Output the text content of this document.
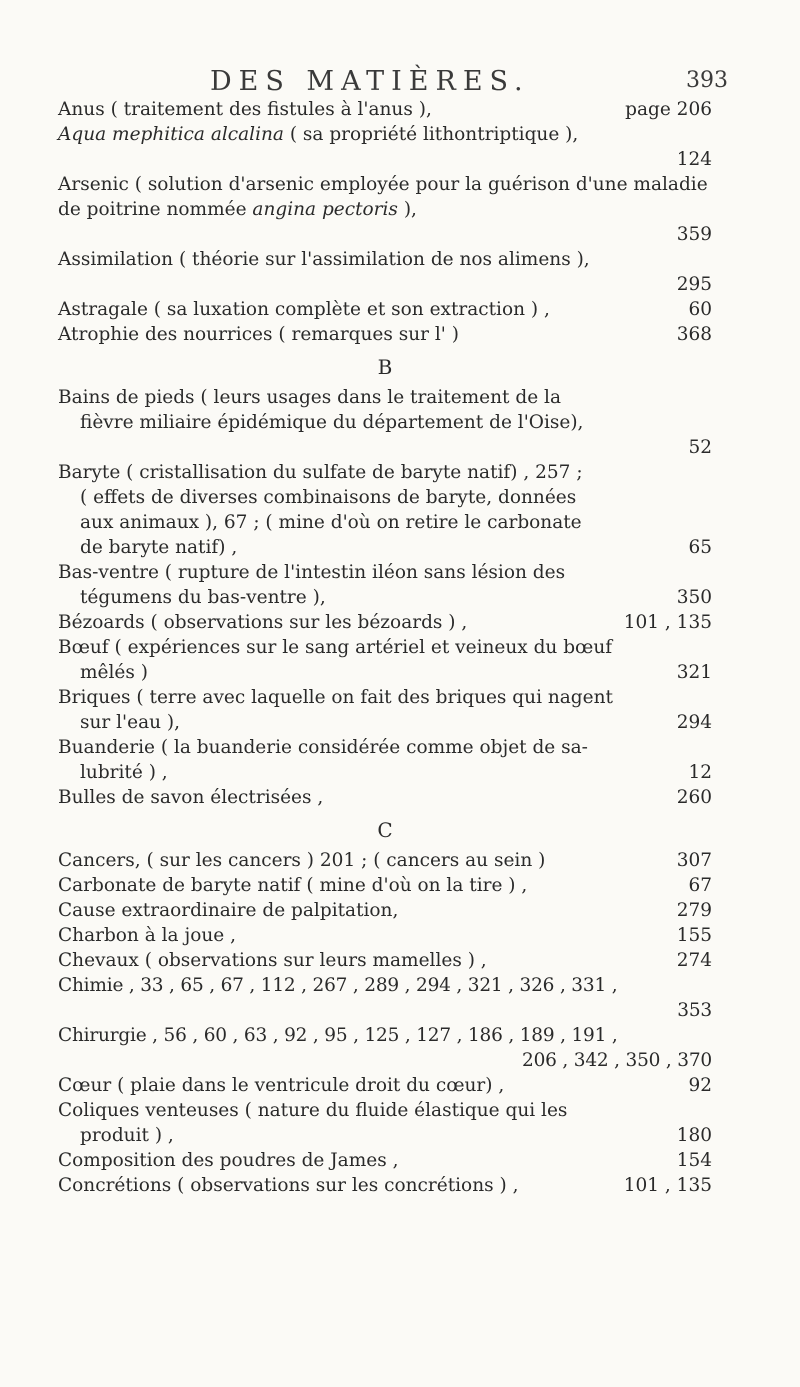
DES MATIÈRES.	393

page 206
Anus ( traitement des fistules à l'anus ),

Aqua mephitica alcalina ( sa propriété lithontriptique ),
124

Arsenic ( solution d'arsenic employée pour la guérison d'une maladie de poitrine nommée angina pectoris ),
359

Assimilation ( théorie sur l'assimilation de nos alimens ),
295

60
Astragale ( sa luxation complète et son extraction ) ,

368
Atrophie des nourrices ( remarques sur l' )

B

Bains de pieds ( leurs usages dans le traitement de la
fièvre miliaire épidémique du département de l'Oise),
52

Baryte ( cristallisation du sulfate de baryte natif) , 257 ;
( effets de diverses combinaisons de baryte, données
aux animaux ), 67 ; ( mine d'où on retire le carbonate
65
de baryte natif) ,

Bas-ventre ( rupture de l'intestin iléon sans lésion des
350
tégumens du bas-ventre ),

101 , 135
Bézoards ( observations sur les bézoards ) ,

Bœuf ( expériences sur le sang artériel et veineux du bœuf
321
mêlés )

Briques ( terre avec laquelle on fait des briques qui nagent
294
sur l'eau ),

Buanderie ( la buanderie considérée comme objet de sa-
12
lubrité ) ,

260
Bulles de savon électrisées ,

C

307
Cancers, ( sur les cancers ) 201 ; ( cancers au sein )

67
Carbonate de baryte natif ( mine d'où on la tire ) ,

279
Cause extraordinaire de palpitation,

155
Charbon à la joue ,

274
Chevaux ( observations sur leurs mamelles ) ,

Chimie , 33 , 65 , 67 , 112 , 267 , 289 , 294 , 321 , 326 , 331 ,
353

Chirurgie , 56 , 60 , 63 , 92 , 95 , 125 , 127 , 186 , 189 , 191 ,
206 , 342 , 350 , 370

92
Cœur ( plaie dans le ventricule droit du cœur) ,

Coliques venteuses ( nature du fluide élastique qui les
180
produit ) ,

154
Composition des poudres de James ,

101 , 135
Concrétions ( observations sur les concrétions ) ,
